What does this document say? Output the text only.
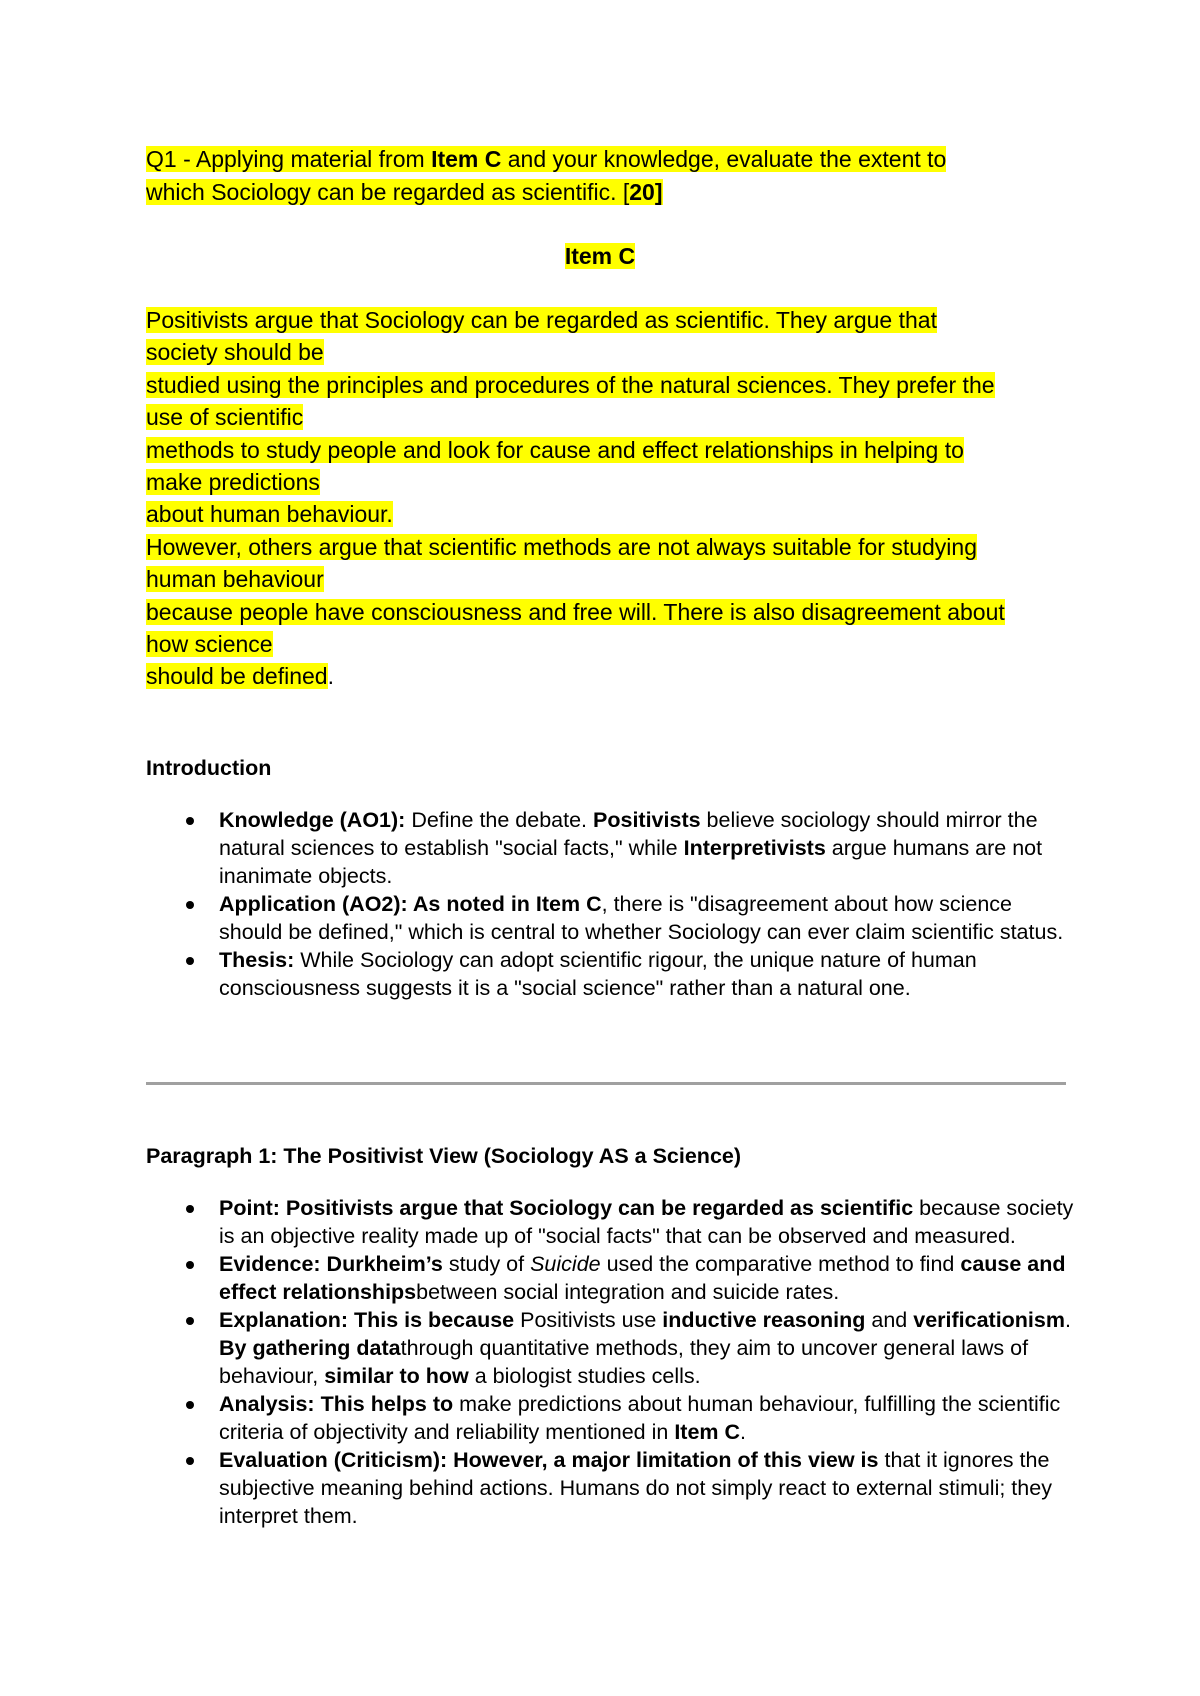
Q1 - Applying material from Item C and your knowledge, evaluate the extent to
which Sociology can be regarded as scientific. [20]
Item C
Positivists argue that Sociology can be regarded as scientific. They argue that
society should be
studied using the principles and procedures of the natural sciences. They prefer the
use of scientific
methods to study people and look for cause and effect relationships in helping to
make predictions
about human behaviour.
However, others argue that scientific methods are not always suitable for studying
human behaviour
because people have consciousness and free will. There is also disagreement about
how science
should be defined.
Introduction
Knowledge (AO1): Define the debate. Positivists believe sociology should mirror the natural sciences to establish "social facts," while Interpretivists argue humans are not inanimate objects.
Application (AO2): As noted in Item C, there is "disagreement about how science should be defined," which is central to whether Sociology can ever claim scientific status.
Thesis: While Sociology can adopt scientific rigour, the unique nature of human consciousness suggests it is a "social science" rather than a natural one.
Paragraph 1: The Positivist View (Sociology AS a Science)
Point: Positivists argue that Sociology can be regarded as scientific because society is an objective reality made up of "social facts" that can be observed and measured.
Evidence: Durkheim’s study of Suicide used the comparative method to find cause and effect relationshipsbetween social integration and suicide rates.
Explanation: This is because Positivists use inductive reasoning and verificationism. By gathering datathrough quantitative methods, they aim to uncover general laws of behaviour, similar to how a biologist studies cells.
Analysis: This helps to make predictions about human behaviour, fulfilling the scientific criteria of objectivity and reliability mentioned in Item C.
Evaluation (Criticism): However, a major limitation of this view is that it ignores the subjective meaning behind actions. Humans do not simply react to external stimuli; they interpret them.
